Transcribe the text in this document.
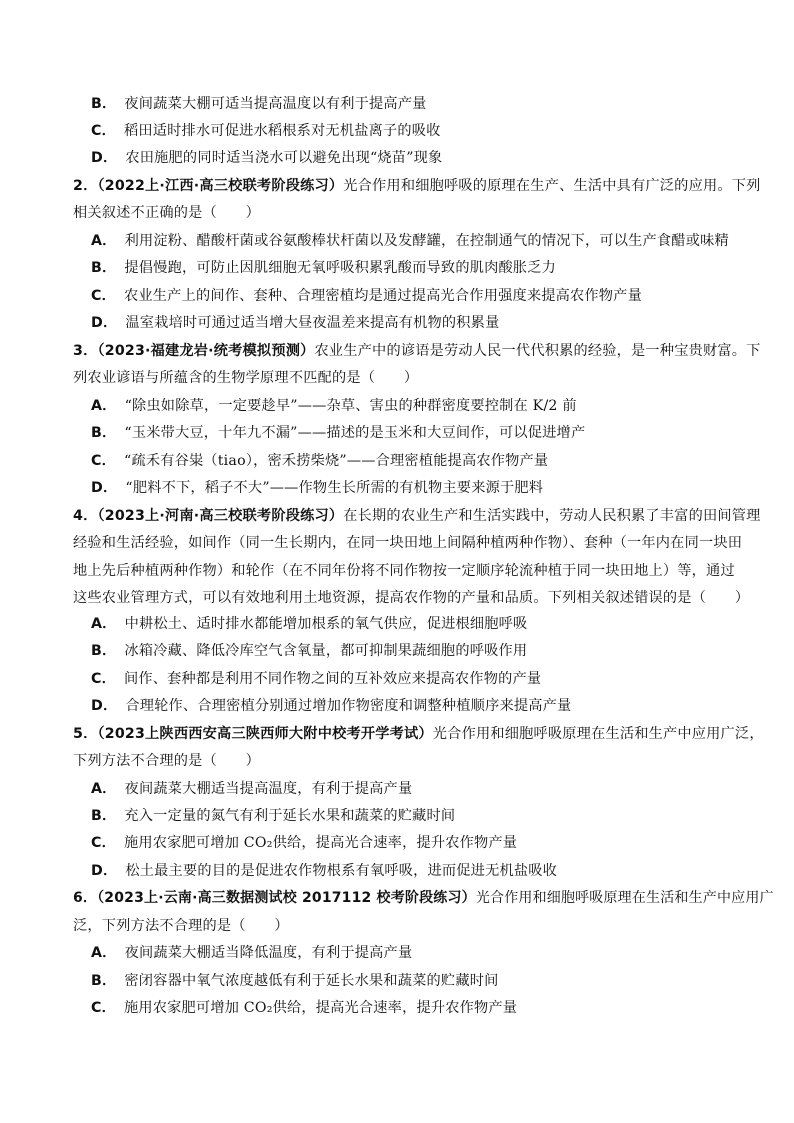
B． 夜间蔬菜大棚可适当提高温度以有利于提高产量
C． 稻田适时排水可促进水稻根系对无机盐离子的吸收
D． 农田施肥的同时适当浇水可以避免出现“烧苗”现象
2．（2022上·江西·高三校联考阶段练习）光合作用和细胞呼吸的原理在生产、生活中具有广泛的应用。下列
相关叙述不正确的是（　　）
A． 利用淀粉、醋酸杆菌或谷氨酸棒状杆菌以及发酵罐，在控制通气的情况下，可以生产食醋或味精
B． 提倡慢跑，可防止因肌细胞无氧呼吸积累乳酸而导致的肌肉酸胀乏力
C． 农业生产上的间作、套种、合理密植均是通过提高光合作用强度来提高农作物产量
D． 温室栽培时可通过适当增大昼夜温差来提高有机物的积累量
3．（2023·福建龙岩·统考模拟预测）农业生产中的谚语是劳动人民一代代积累的经验，是一种宝贵财富。下
列农业谚语与所蕴含的生物学原理不匹配的是（　　）
A． “除虫如除草，一定要趁早”——杂草、害虫的种群密度要控制在 K/2 前
B． “玉米带大豆，十年九不漏”——描述的是玉米和大豆间作，可以促进增产
C． “疏禾有谷粜（tiao），密禾捞柴烧”——合理密植能提高农作物产量
D． “肥料不下，稻子不大”——作物生长所需的有机物主要来源于肥料
4．（2023上·河南·高三校联考阶段练习）在长期的农业生产和生活实践中，劳动人民积累了丰富的田间管理
经验和生活经验，如间作（同一生长期内，在同一块田地上间隔种植两种作物）、套种（一年内在同一块田
地上先后种植两种作物）和轮作（在不同年份将不同作物按一定顺序轮流种植于同一块田地上）等，通过
这些农业管理方式，可以有效地利用土地资源，提高农作物的产量和品质。下列相关叙述错误的是（　　）
A． 中耕松土、适时排水都能增加根系的氧气供应，促进根细胞呼吸
B． 冰箱冷藏、降低冷库空气含氧量，都可抑制果蔬细胞的呼吸作用
C． 间作、套种都是利用不同作物之间的互补效应来提高农作物的产量
D． 合理轮作、合理密植分别通过增加作物密度和调整种植顺序来提高产量
5．（2023上陕西西安高三陕西师大附中校考开学考试）光合作用和细胞呼吸原理在生活和生产中应用广泛，
下列方法不合理的是（　　）
A． 夜间蔬菜大棚适当提高温度，有利于提高产量
B． 充入一定量的氮气有利于延长水果和蔬菜的贮藏时间
C． 施用农家肥可增加 CO₂供给，提高光合速率，提升农作物产量
D． 松土最主要的目的是促进农作物根系有氧呼吸，进而促进无机盐吸收
6．（2023上·云南·高三数据测试校 2017112 校考阶段练习）光合作用和细胞呼吸原理在生活和生产中应用广
泛，下列方法不合理的是（　　）
A． 夜间蔬菜大棚适当降低温度，有利于提高产量
B． 密闭容器中氧气浓度越低有利于延长水果和蔬菜的贮藏时间
C． 施用农家肥可增加 CO₂供给，提高光合速率，提升农作物产量
